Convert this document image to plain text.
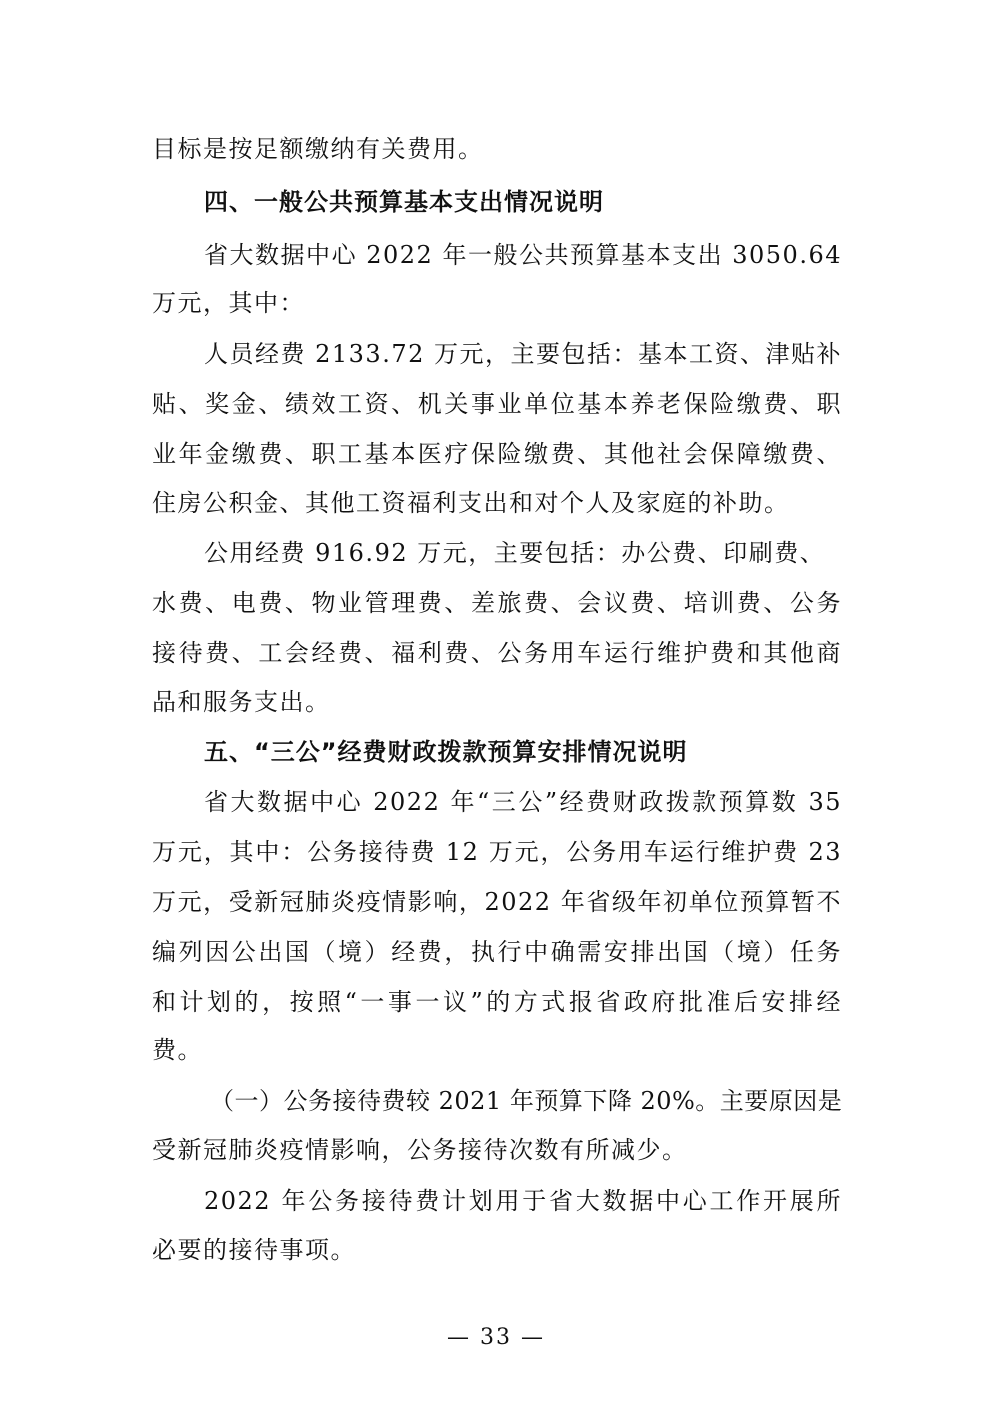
目标是按足额缴纳有关费用。
四、一般公共预算基本支出情况说明
省大数据中心 2022 年一般公共预算基本支出 3050.64
万元，其中：
人员经费 2133.72 万元，主要包括：基本工资、津贴补
贴、奖金、绩效工资、机关事业单位基本养老保险缴费、职
业年金缴费、职工基本医疗保险缴费、其他社会保障缴费、
住房公积金、其他工资福利支出和对个人及家庭的补助。
公用经费 916.92 万元，主要包括：办公费、印刷费、
水费、电费、物业管理费、差旅费、会议费、培训费、公务
接待费、工会经费、福利费、公务用车运行维护费和其他商
品和服务支出。
五、“三公”经费财政拨款预算安排情况说明
省大数据中心 2022 年“三公”经费财政拨款预算数 35
万元，其中：公务接待费 12 万元，公务用车运行维护费 23
万元，受新冠肺炎疫情影响，2022 年省级年初单位预算暂不
编列因公出国（境）经费，执行中确需安排出国（境）任务
和计划的，按照“一事一议”的方式报省政府批准后安排经
费。
（一）公务接待费较 2021 年预算下降 20%。主要原因是
受新冠肺炎疫情影响，公务接待次数有所减少。
2022 年公务接待费计划用于省大数据中心工作开展所
必要的接待事项。
— 33 —
